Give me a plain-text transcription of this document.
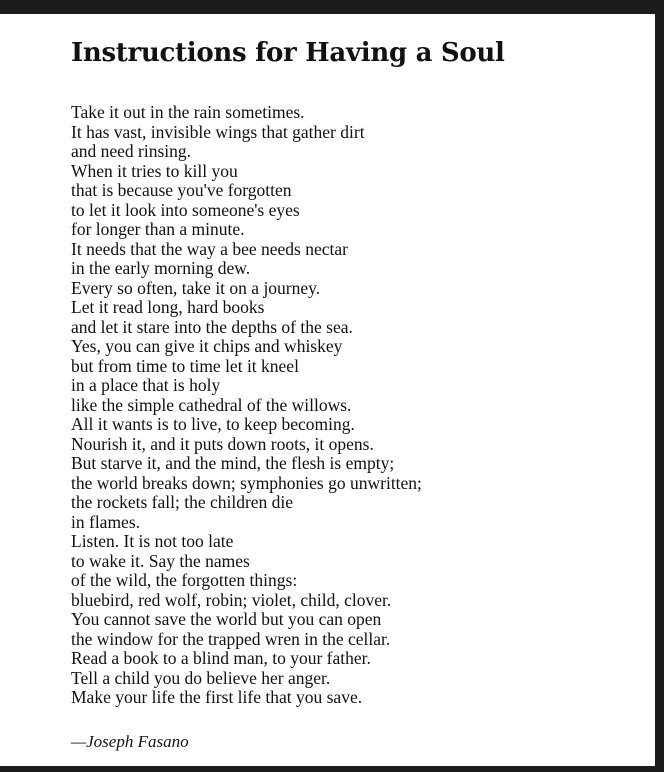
Instructions for Having a Soul
Take it out in the rain sometimes.
It has vast, invisible wings that gather dirt
and need rinsing.
When it tries to kill you
that is because you've forgotten
to let it look into someone's eyes
for longer than a minute.
It needs that the way a bee needs nectar
in the early morning dew.
Every so often, take it on a journey.
Let it read long, hard books
and let it stare into the depths of the sea.
Yes, you can give it chips and whiskey
but from time to time let it kneel
in a place that is holy
like the simple cathedral of the willows.
All it wants is to live, to keep becoming.
Nourish it, and it puts down roots, it opens.
But starve it, and the mind, the flesh is empty;
the world breaks down; symphonies go unwritten;
the rockets fall; the children die
in flames.
Listen. It is not too late
to wake it. Say the names
of the wild, the forgotten things:
bluebird, red wolf, robin; violet, child, clover.
You cannot save the world but you can open
the window for the trapped wren in the cellar.
Read a book to a blind man, to your father.
Tell a child you do believe her anger.
Make your life the first life that you save.

—Joseph Fasano
